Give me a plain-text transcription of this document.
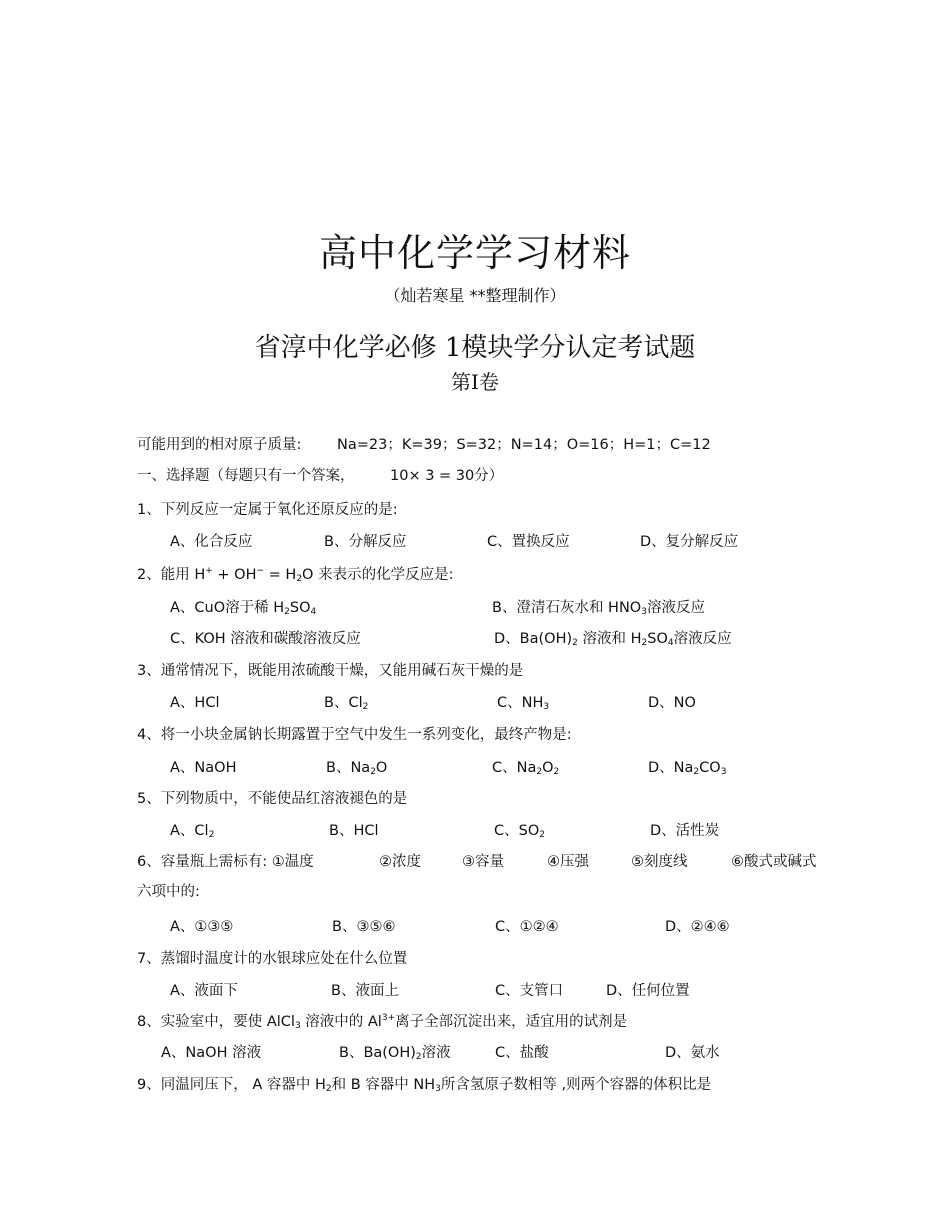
高中化学学习材料
（灿若寒星 **整理制作）
省淳中化学必修 1模块学分认定考试题
第Ⅰ卷
可能用到的相对原子质量: Na=23；K=39；S=32；N=14；O=16；H=1；C=12
一、选择题（每题只有一个答案， 10× 3 = 30分）
1、下列反应一定属于氧化还原反应的是:
A、化合反应	B、分解反应	C、置换反应	D、复分解反应
2、能用 $H^+ + OH^- = H_2O$ 来表示的化学反应是:
A、CuO溶于稀 $H_2SO_4$	B、澄清石灰水和 $HNO_3$溶液反应
C、KOH 溶液和碳酸溶液反应	D、$Ba(OH)_2$ 溶液和 $H_2SO_4$溶液反应
3、通常情况下，既能用浓硫酸干燥，又能用碱石灰干燥的是
A、HCl	B、$Cl_2$	C、$NH_3$	D、NO
4、将一小块金属钠长期露置于空气中发生一系列变化，最终产物是:
A、NaOH	B、$Na_2O$	C、$Na_2O_2$	D、$Na_2CO_3$
5、下列物质中，不能使品红溶液褪色的是
A、$Cl_2$	B、HCl	C、$SO_2$	D、活性炭
6、容量瓶上需标有: ①温度	②浓度	③容量	④压强	⑤刻度线	⑥酸式或碱式
六项中的:
A、①③⑤	B、③⑤⑥	C、①②④	D、②④⑥
7、蒸馏时温度计的水银球应处在什么位置
A、液面下	B、液面上	C、支管口	D、任何位置
8、实验室中，要使 AlCl$_3$ 溶液中的 $Al^{3+}$离子全部沉淀出来，适宜用的试剂是
A、NaOH 溶液	B、$Ba(OH)_2$溶液	C、盐酸	D、氨水
9、同温同压下， A 容器中 $H_2$和 B 容器中 $NH_3$所含氢原子数相等 ,则两个容器的体积比是
